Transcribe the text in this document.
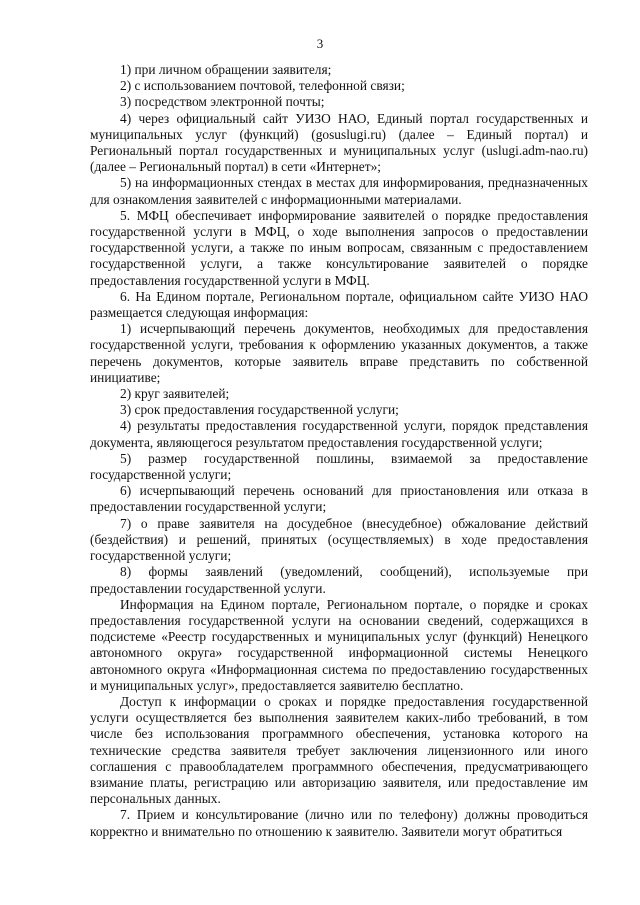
3

1) при личном обращении заявителя;

2) с использованием почтовой, телефонной связи;

3) посредством электронной почты;

4) через официальный сайт УИЗО НАО, Единый портал государственных и муниципальных услуг (функций) (gosuslugi.ru) (далее – Единый портал) и Региональный портал государственных и муниципальных услуг (uslugi.adm-nao.ru) (далее – Региональный портал) в сети «Интернет»;

5) на информационных стендах в местах для информирования, предназначенных для ознакомления заявителей с информационными материалами.

5. МФЦ обеспечивает информирование заявителей о порядке предоставления государственной услуги в МФЦ, о ходе выполнения запросов о предоставлении государственной услуги, а также по иным вопросам, связанным с предоставлением государственной услуги, а также консультирование заявителей о порядке предоставления государственной услуги в МФЦ.

6. На Едином портале, Региональном портале, официальном сайте УИЗО НАО размещается следующая информация:

1) исчерпывающий перечень документов, необходимых для предоставления государственной услуги, требования к оформлению указанных документов, а также перечень документов, которые заявитель вправе представить по собственной инициативе;

2) круг заявителей;

3) срок предоставления государственной услуги;

4) результаты предоставления государственной услуги, порядок представления документа, являющегося результатом предоставления государственной услуги;

5) размер государственной пошлины, взимаемой за предоставление государственной услуги;

6) исчерпывающий перечень оснований для приостановления или отказа в предоставлении государственной услуги;

7) о праве заявителя на досудебное (внесудебное) обжалование действий (бездействия) и решений, принятых (осуществляемых) в ходе предоставления государственной услуги;

8) формы заявлений (уведомлений, сообщений), используемые при предоставлении государственной услуги.

Информация на Едином портале, Региональном портале, о порядке и сроках предоставления государственной услуги на основании сведений, содержащихся в подсистеме «Реестр государственных и муниципальных услуг (функций) Ненецкого автономного округа» государственной информационной системы Ненецкого автономного округа «Информационная система по предоставлению государственных и муниципальных услуг», предоставляется заявителю бесплатно.

Доступ к информации о сроках и порядке предоставления государственной услуги осуществляется без выполнения заявителем каких-либо требований, в том числе без использования программного обеспечения, установка которого на технические средства заявителя требует заключения лицензионного или иного соглашения с правообладателем программного обеспечения, предусматривающего взимание платы, регистрацию или авторизацию заявителя, или предоставление им персональных данных.

7. Прием и консультирование (лично или по телефону) должны проводиться корректно и внимательно по отношению к заявителю. Заявители могут обратиться
